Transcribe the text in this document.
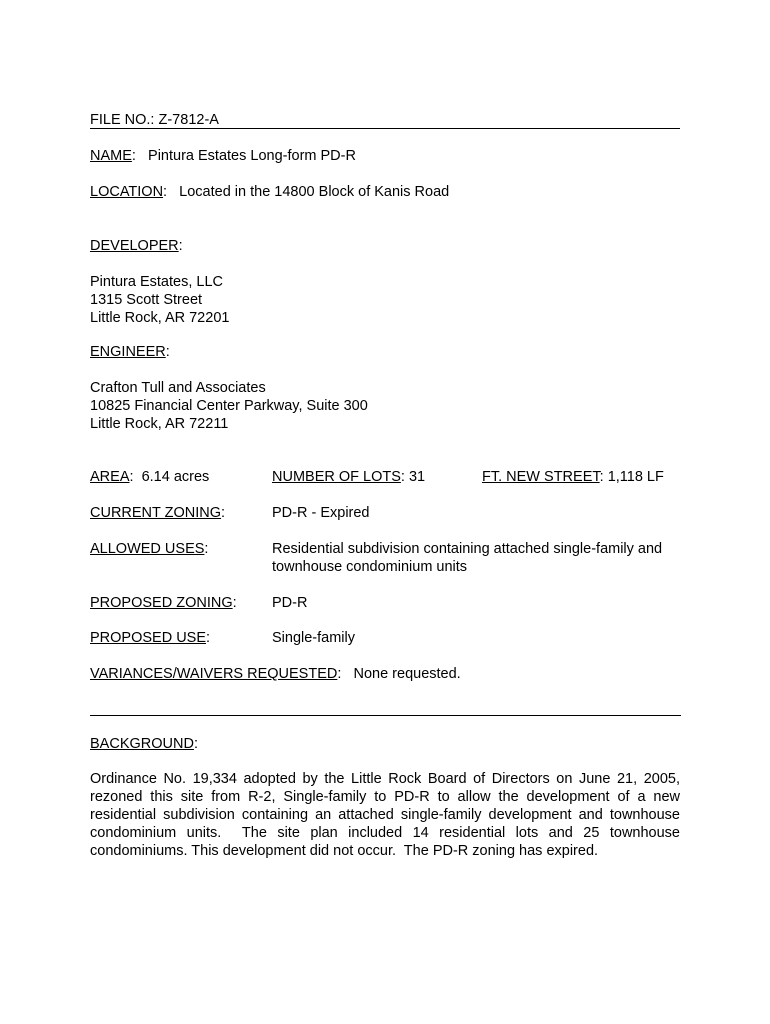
FILE NO.: Z-7812-A
NAME:   Pintura Estates Long-form PD-R
LOCATION:   Located in the 14800 Block of Kanis Road
DEVELOPER:
Pintura Estates, LLC
1315 Scott Street
Little Rock, AR 72201
ENGINEER:
Crafton Tull and Associates
10825 Financial Center Parkway, Suite 300
Little Rock, AR 72211
AREA:  6.14 acres	NUMBER OF LOTS: 31	FT. NEW STREET: 1,118 LF
CURRENT ZONING:	PD-R - Expired
ALLOWED USES:	Residential subdivision containing attached single-family and townhouse condominium units
PROPOSED ZONING: PD-R
PROPOSED USE:	Single-family
VARIANCES/WAIVERS REQUESTED:   None requested.
BACKGROUND:
Ordinance No. 19,334 adopted by the Little Rock Board of Directors on June 21, 2005, rezoned this site from R-2, Single-family to PD-R to allow the development of a new residential subdivision containing an attached single-family development and townhouse condominium units.  The site plan included 14 residential lots and 25 townhouse condominiums. This development did not occur.  The PD-R zoning has expired.
